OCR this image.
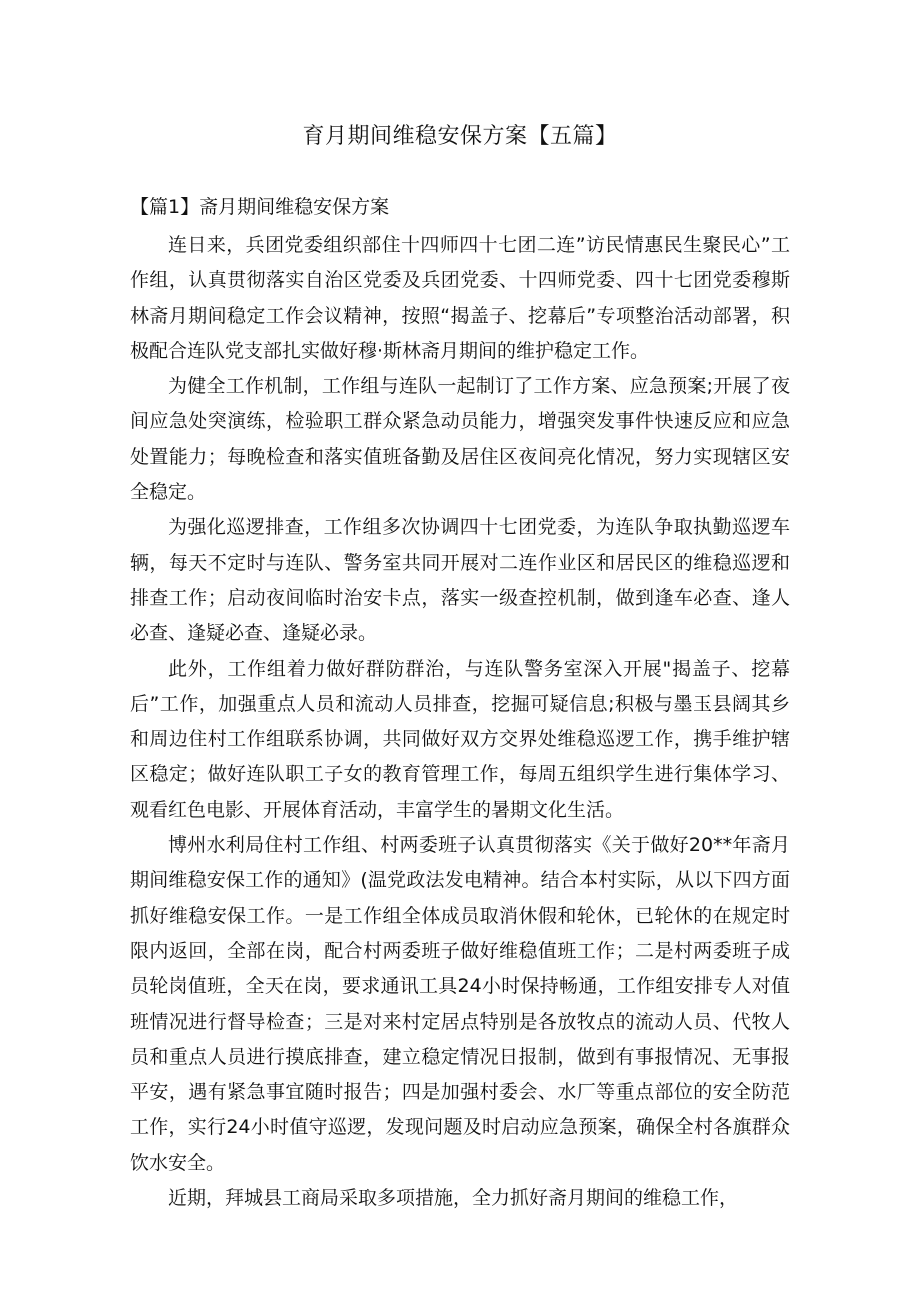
育月期间维稳安保方案【五篇】
【篇1】斋月期间维稳安保方案

连日来，兵团党委组织部住十四师四十七团二连”访民情惠民生聚民心”工作组，认真贯彻落实自治区党委及兵团党委、十四师党委、四十七团党委穆斯林斋月期间稳定工作会议精神，按照“揭盖子、挖幕后”专项整治活动部署，积极配合连队党支部扎实做好穆·斯林斋月期间的维护稳定工作。

为健全工作机制，工作组与连队一起制订了工作方案、应急预案;开展了夜间应急处突演练，检验职工群众紧急动员能力，增强突发事件快速反应和应急处置能力；每晚检查和落实值班备勤及居住区夜间亮化情况，努力实现辖区安全稳定。

为强化巡逻排查，工作组多次协调四十七团党委，为连队争取执勤巡逻车辆，每天不定时与连队、警务室共同开展对二连作业区和居民区的维稳巡逻和排查工作；启动夜间临时治安卡点，落实一级查控机制，做到逢车必查、逢人必查、逢疑必查、逢疑必录。

此外，工作组着力做好群防群治，与连队警务室深入开展"揭盖子、挖幕后”工作，加强重点人员和流动人员排查，挖掘可疑信息;积极与墨玉县阔其乡和周边住村工作组联系协调，共同做好双方交界处维稳巡逻工作，携手维护辖区稳定；做好连队职工子女的教育管理工作，每周五组织学生进行集体学习、观看红色电影、开展体育活动，丰富学生的暑期文化生活。

博州水利局住村工作组、村两委班子认真贯彻落实《关于做好20**年斋月期间维稳安保工作的通知》(温党政法发电精神。结合本村实际，从以下四方面抓好维稳安保工作。一是工作组全体成员取消休假和轮休，已轮休的在规定时限内返回，全部在岗，配合村两委班子做好维稳值班工作；二是村两委班子成员轮岗值班，全天在岗，要求通讯工具24小时保持畅通，工作组安排专人对值班情况进行督导检查；三是对来村定居点特别是各放牧点的流动人员、代牧人员和重点人员进行摸底排查，建立稳定情况日报制，做到有事报情况、无事报平安，遇有紧急事宜随时报告；四是加强村委会、水厂等重点部位的安全防范工作，实行24小时值守巡逻，发现问题及时启动应急预案，确保全村各旗群众饮水安全。

近期，拜城县工商局采取多项措施，全力抓好斋月期间的维稳工作，
